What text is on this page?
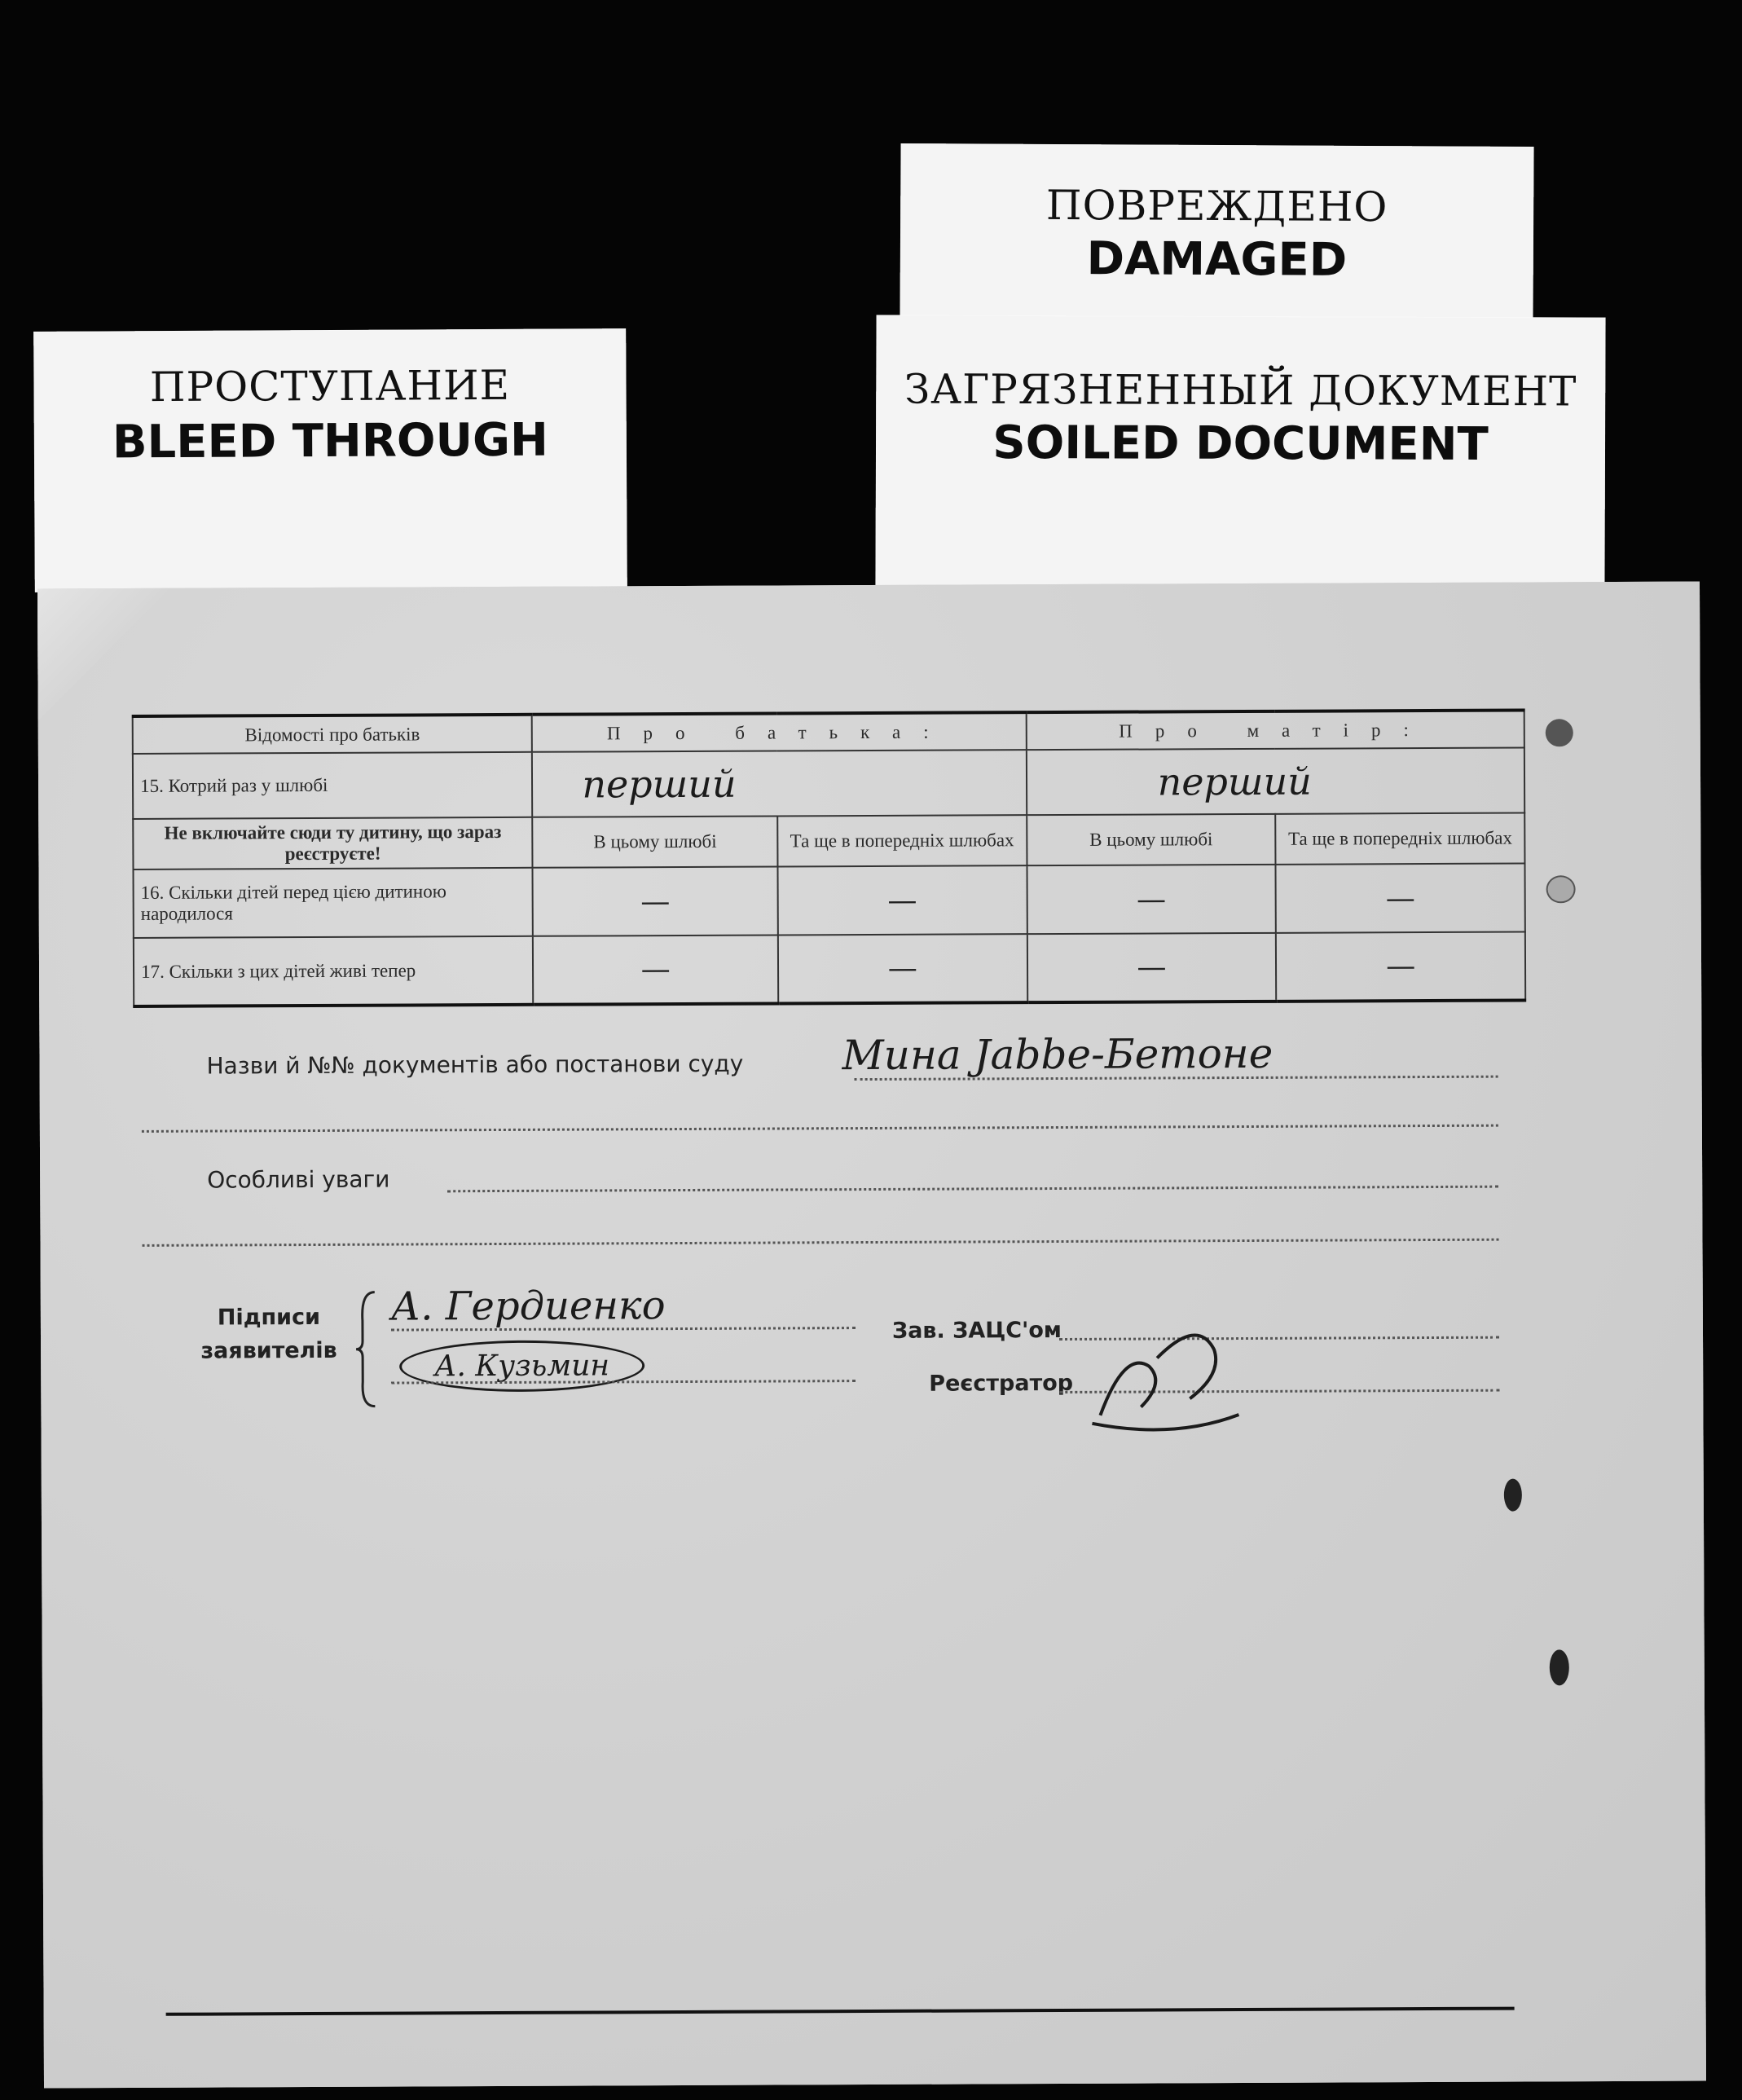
ПРОСТУПАНИЕ
BLEED THROUGH
ПОВРЕЖДЕНО
DAMAGED
ЗАГРЯЗНЕННЫЙ ДОКУМЕНТ
SOILED DOCUMENT
Відомості про батьків	Про батька:		Про матір:	
15. Котрий раз у шлюбі	перший		перший	
Не включайте сюди ту дитину, що зараз реєструєте!	В цьому шлюбі	Та ще в попередніх шлюбах	В цьому шлюбі	Та ще в попередніх шлюбах
16. Скільки дітей перед цією дитиною народилося	—	—	—	—
17. Скільки з цих дітей живі тепер	—	—	—	—
Назви й №№ документів або постанови суду Мина Jabbe-Бетоне
Особливі уваги
Підписи
заявителів
А. Гердиенко
А. Кузьмин
Зав. ЗАЦС'ом
Реєстратор
